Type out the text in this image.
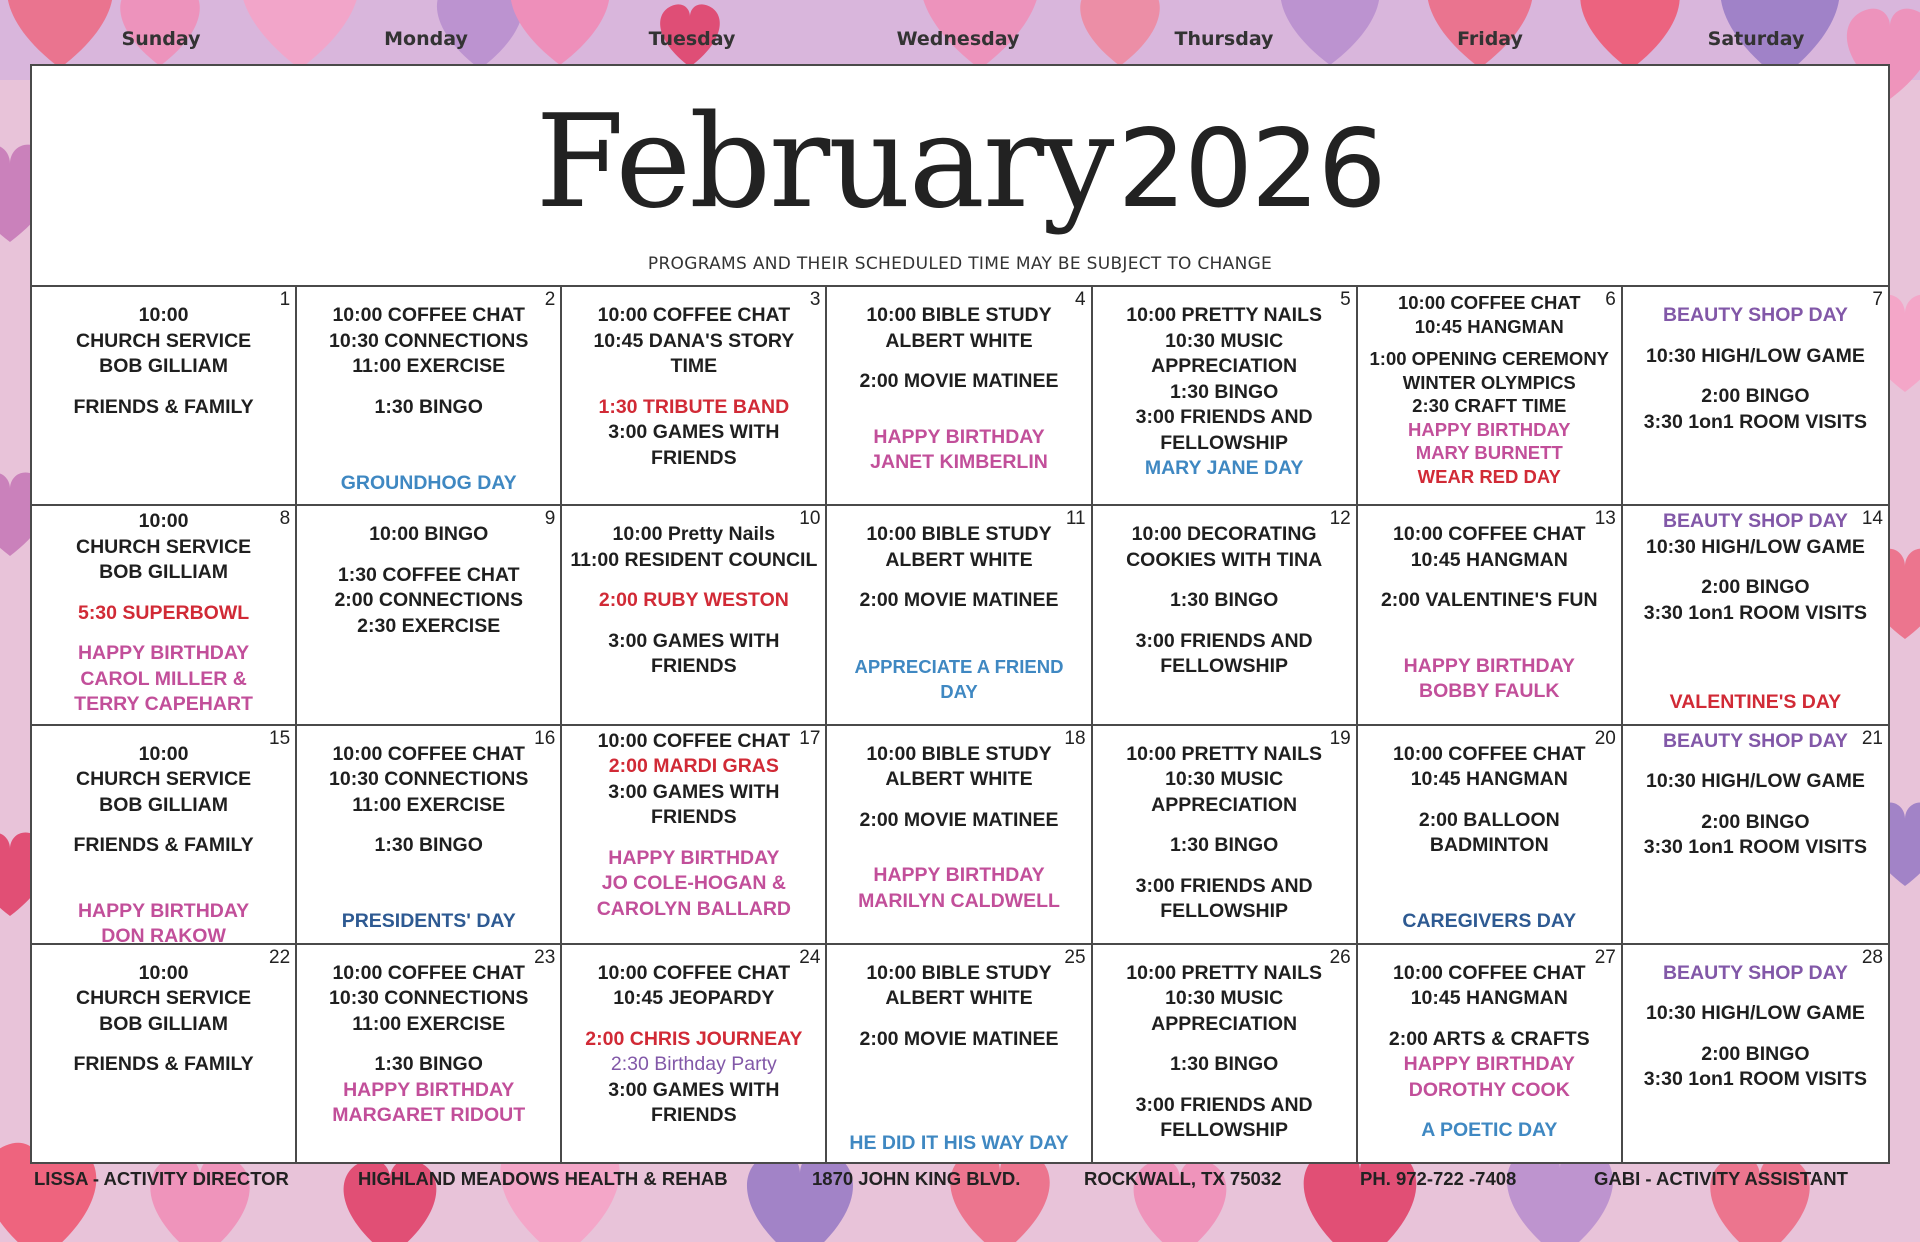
Sunday	Monday	Tuesday	Wednesday	Thursday	Friday	Saturday
February 2026
PROGRAMS AND THEIR SCHEDULED TIME MAY BE SUBJECT TO CHANGE
1
10:00
CHURCH SERVICE
BOB GILLIAM
FRIENDS & FAMILY
2
10:00 COFFEE CHAT
10:30 CONNECTIONS
11:00 EXERCISE
1:30 BINGO
GROUNDHOG DAY
3
10:00 COFFEE CHAT
10:45 DANA'S STORY
TIME
1:30 TRIBUTE BAND
3:00 GAMES WITH
FRIENDS
4
10:00 BIBLE STUDY
ALBERT WHITE
2:00 MOVIE MATINEE
HAPPY BIRTHDAY
JANET KIMBERLIN
5
10:00 PRETTY NAILS
10:30 MUSIC
APPRECIATION
1:30 BINGO
3:00 FRIENDS AND
FELLOWSHIP
MARY JANE DAY
6
10:00 COFFEE CHAT
10:45 HANGMAN
1:00 OPENING CEREMONY
WINTER OLYMPICS
2:30 CRAFT TIME
HAPPY BIRTHDAY
MARY BURNETT
WEAR RED DAY
7
BEAUTY SHOP DAY
10:30 HIGH/LOW GAME
2:00 BINGO
3:30 1on1 ROOM VISITS
8
10:00
CHURCH SERVICE
BOB GILLIAM
5:30 SUPERBOWL
HAPPY BIRTHDAY
CAROL MILLER &
TERRY CAPEHART
9
10:00 BINGO
1:30 COFFEE CHAT
2:00 CONNECTIONS
2:30 EXERCISE
10
10:00 Pretty Nails
11:00 RESIDENT COUNCIL
2:00 RUBY WESTON
3:00 GAMES WITH
FRIENDS
11
10:00 BIBLE STUDY
ALBERT WHITE
2:00 MOVIE MATINEE
APPRECIATE A FRIEND
DAY
12
10:00 DECORATING
COOKIES WITH TINA
1:30 BINGO
3:00 FRIENDS AND
FELLOWSHIP
13
10:00 COFFEE CHAT
10:45 HANGMAN
2:00 VALENTINE'S FUN
HAPPY BIRTHDAY
BOBBY FAULK
14
BEAUTY SHOP DAY
10:30 HIGH/LOW GAME
2:00 BINGO
3:30 1on1 ROOM VISITS
VALENTINE'S DAY
15
10:00
CHURCH SERVICE
BOB GILLIAM
FRIENDS & FAMILY
HAPPY BIRTHDAY
DON RAKOW
16
10:00 COFFEE CHAT
10:30 CONNECTIONS
11:00 EXERCISE
1:30 BINGO
PRESIDENTS' DAY
17
10:00 COFFEE CHAT
2:00 MARDI GRAS
3:00 GAMES WITH
FRIENDS
HAPPY BIRTHDAY
JO COLE-HOGAN &
CAROLYN BALLARD
18
10:00 BIBLE STUDY
ALBERT WHITE
2:00 MOVIE MATINEE
HAPPY BIRTHDAY
MARILYN CALDWELL
19
10:00 PRETTY NAILS
10:30 MUSIC
APPRECIATION
1:30 BINGO
3:00 FRIENDS AND
FELLOWSHIP
20
10:00 COFFEE CHAT
10:45 HANGMAN
2:00 BALLOON
BADMINTON
CAREGIVERS DAY
21
BEAUTY SHOP DAY
10:30 HIGH/LOW GAME
2:00 BINGO
3:30 1on1 ROOM VISITS
22
10:00
CHURCH SERVICE
BOB GILLIAM
FRIENDS & FAMILY
23
10:00 COFFEE CHAT
10:30 CONNECTIONS
11:00 EXERCISE
1:30 BINGO
HAPPY BIRTHDAY
MARGARET RIDOUT
24
10:00 COFFEE CHAT
10:45 JEOPARDY
2:00 CHRIS JOURNEAY
2:30 Birthday Party
3:00 GAMES WITH
FRIENDS
25
10:00 BIBLE STUDY
ALBERT WHITE
2:00 MOVIE MATINEE
HE DID IT HIS WAY DAY
26
10:00 PRETTY NAILS
10:30 MUSIC
APPRECIATION
1:30 BINGO
3:00 FRIENDS AND
FELLOWSHIP
27
10:00 COFFEE CHAT
10:45 HANGMAN
2:00 ARTS & CRAFTS
HAPPY BIRTHDAY
DOROTHY COOK
A POETIC DAY
28
BEAUTY SHOP DAY
10:30 HIGH/LOW GAME
2:00 BINGO
3:30 1on1 ROOM VISITS
LISSA - ACTIVITY DIRECTOR	HIGHLAND MEADOWS HEALTH & REHAB	1870 JOHN KING BLVD.	ROCKWALL, TX 75032	PH. 972-722 -7408	GABI - ACTIVITY ASSISTANT
